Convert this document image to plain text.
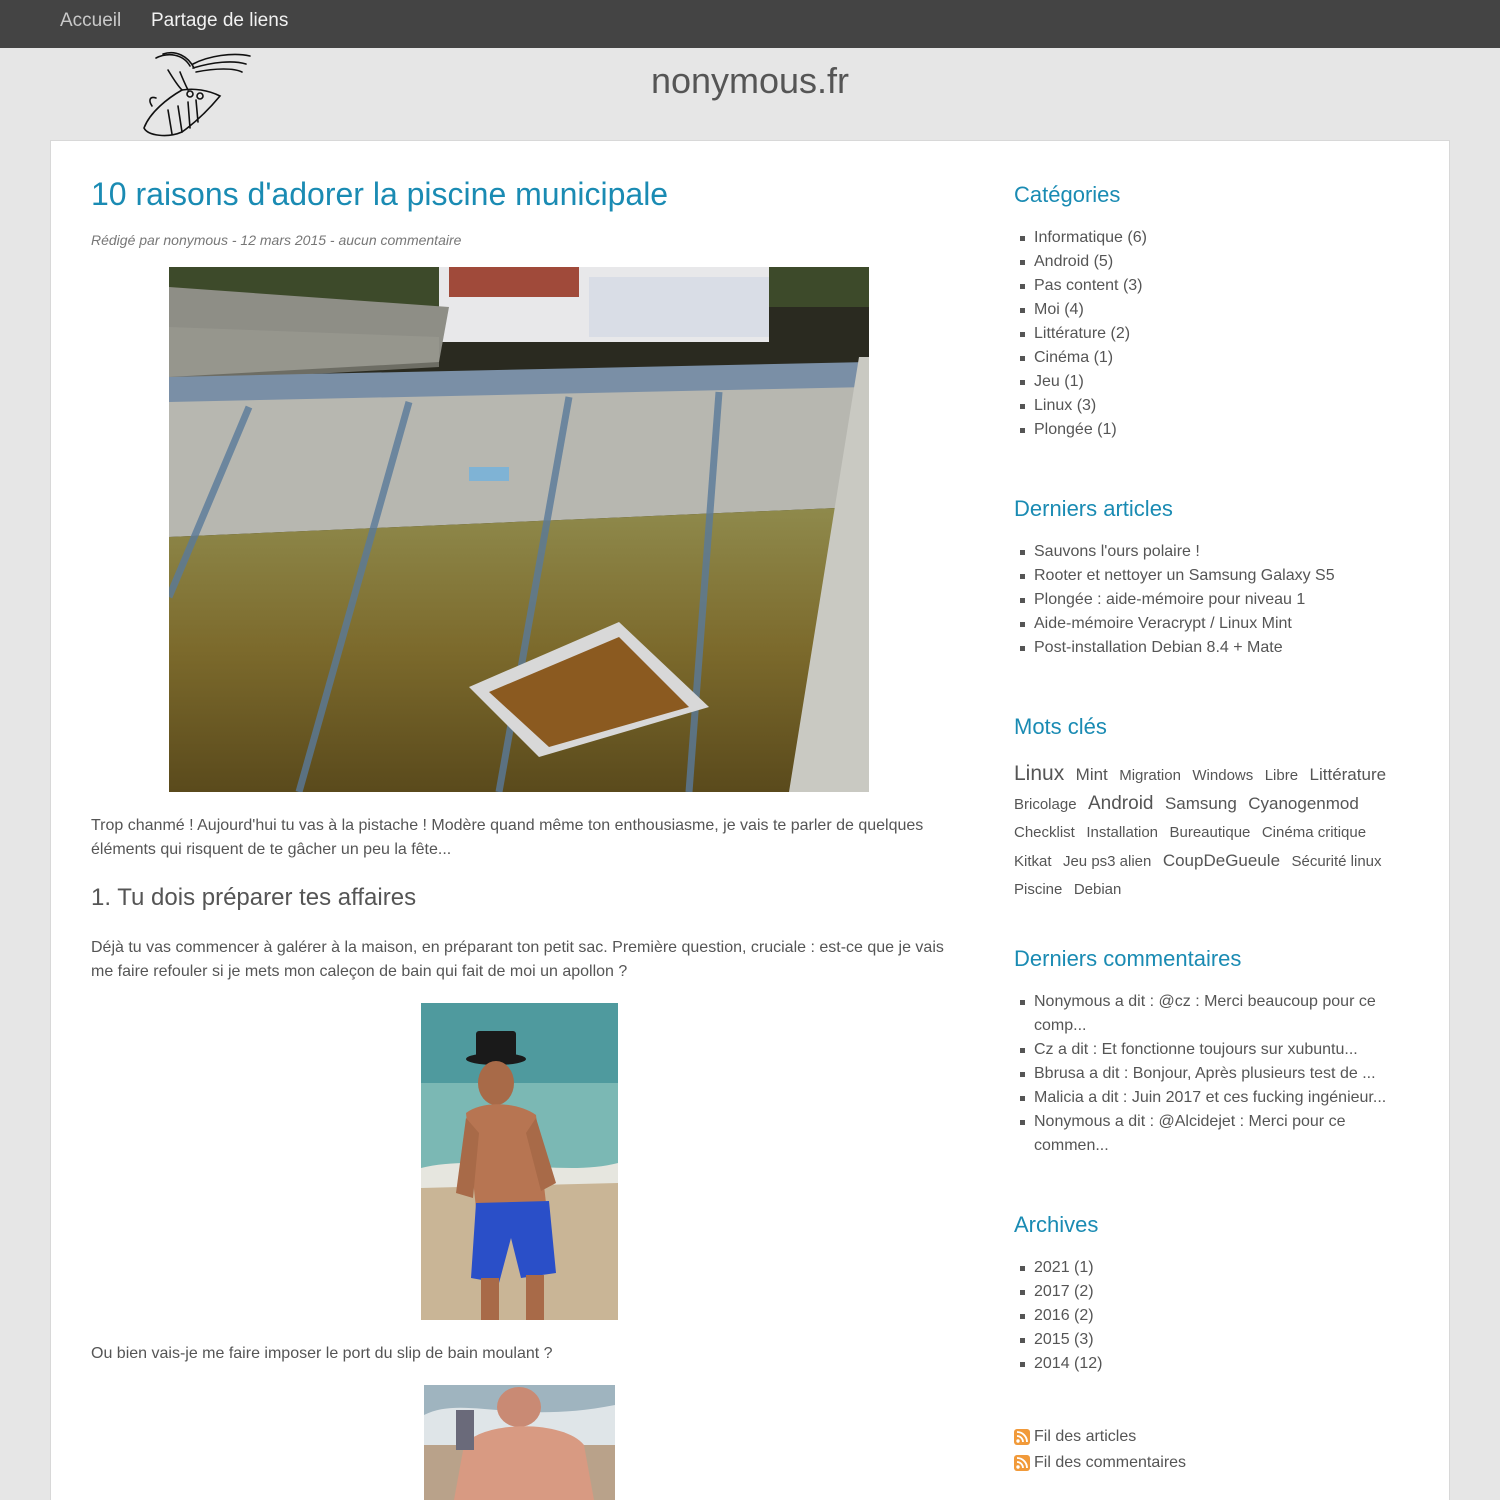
Accueil Partage de liens
nonymous.fr
10 raisons d'adorer la piscine municipale
Rédigé par nonymous - 12 mars 2015 - aucun commentaire

Trop chanmé ! Aujourd'hui tu vas à la pistache ! Modère quand même ton enthousiasme, je vais te parler de quelques éléments qui risquent de te gâcher un peu la fête...

1. Tu dois préparer tes affaires

Déjà tu vas commencer à galérer à la maison, en préparant ton petit sac. Première question, cruciale : est-ce que je vais me faire refouler si je mets mon caleçon de bain qui fait de moi un apollon ?

Ou bien vais-je me faire imposer le port du slip de bain moulant ?

Catégories
Informatique (6)
Android (5)
Pas content (3)
Moi (4)
Littérature (2)
Cinéma (1)
Jeu (1)
Linux (3)
Plongée (1)
Derniers articles
Sauvons l'ours polaire !
Rooter et nettoyer un Samsung Galaxy S5
Plongée : aide-mémoire pour niveau 1
Aide-mémoire Veracrypt / Linux Mint
Post-installation Debian 8.4 + Mate
Mots clés
Linux Mint Migration Windows Libre Littérature Bricolage Android Samsung Cyanogenmod Checklist Installation Bureautique Cinéma critique Kitkat Jeu ps3 alien CoupDeGueule Sécurité linux Piscine Debian
Derniers commentaires
Nonymous a dit : @cz : Merci beaucoup pour ce comp...
Cz a dit : Et fonctionne toujours sur xubuntu...
Bbrusa a dit : Bonjour, Après plusieurs test de ...
Malicia a dit : Juin 2017 et ces fucking ingénieur...
Nonymous a dit : @Alcidejet : Merci pour ce commen...
Archives
2021 (1)
2017 (2)
2016 (2)
2015 (3)
2014 (12)
Fil des articles
Fil des commentaires
